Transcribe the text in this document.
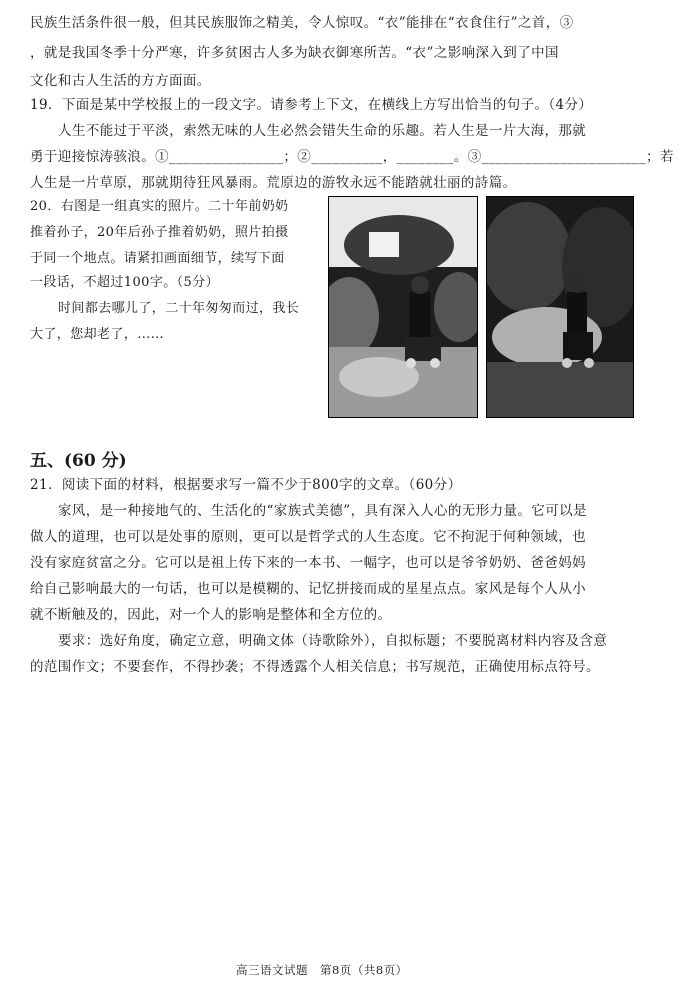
民族生活条件很一般，但其民族服饰之精美，令人惊叹。“衣”能排在“衣食住行”之首，③
，就是我国冬季十分严寒，许多贫困古人多为缺衣御寒所苦。“衣”之影响深入到了中国
文化和古人生活的方方面面。
19．下面是某中学校报上的一段文字。请参考上下文，在横线上方写出恰当的句子。（4分）
人生不能过于平淡，索然无味的人生必然会错失生命的乐趣。若人生是一片大海，那就
勇于迎接惊涛骇浪。①________________；②__________，________。③_______________________；若
人生是一片草原，那就期待狂风暴雨。荒原边的游牧永远不能踏就壮丽的詩篇。
20．右图是一组真实的照片。二十年前奶奶
推着孙子，20年后孙子推着奶奶，照片拍摄
于同一个地点。请紧扣画面细节，续写下面
一段话，不超过100字。（5分）
时间都去哪儿了，二十年匆匆而过，我长
大了，您却老了，……
五、(60 分)
21．阅读下面的材料，根据要求写一篇不少于800字的文章。（60分）
家风，是一种接地气的、生活化的“家族式美德”，具有深入人心的无形力量。它可以是
做人的道理，也可以是处事的原则，更可以是哲学式的人生态度。它不拘泥于何种领域，也
没有家庭贫富之分。它可以是祖上传下来的一本书、一幅字，也可以是爷爷奶奶、爸爸妈妈
给自己影响最大的一句话，也可以是模糊的、记忆拼接而成的星星点点。家风是每个人从小
就不断触及的，因此，对一个人的影响是整体和全方位的。
要求：选好角度，确定立意，明确文体（诗歌除外），自拟标题；不要脱离材料内容及含意
的范围作文；不要套作，不得抄袭；不得透露个人相关信息；书写规范，正确使用标点符号。
高三语文试题　第8页（共8页）
